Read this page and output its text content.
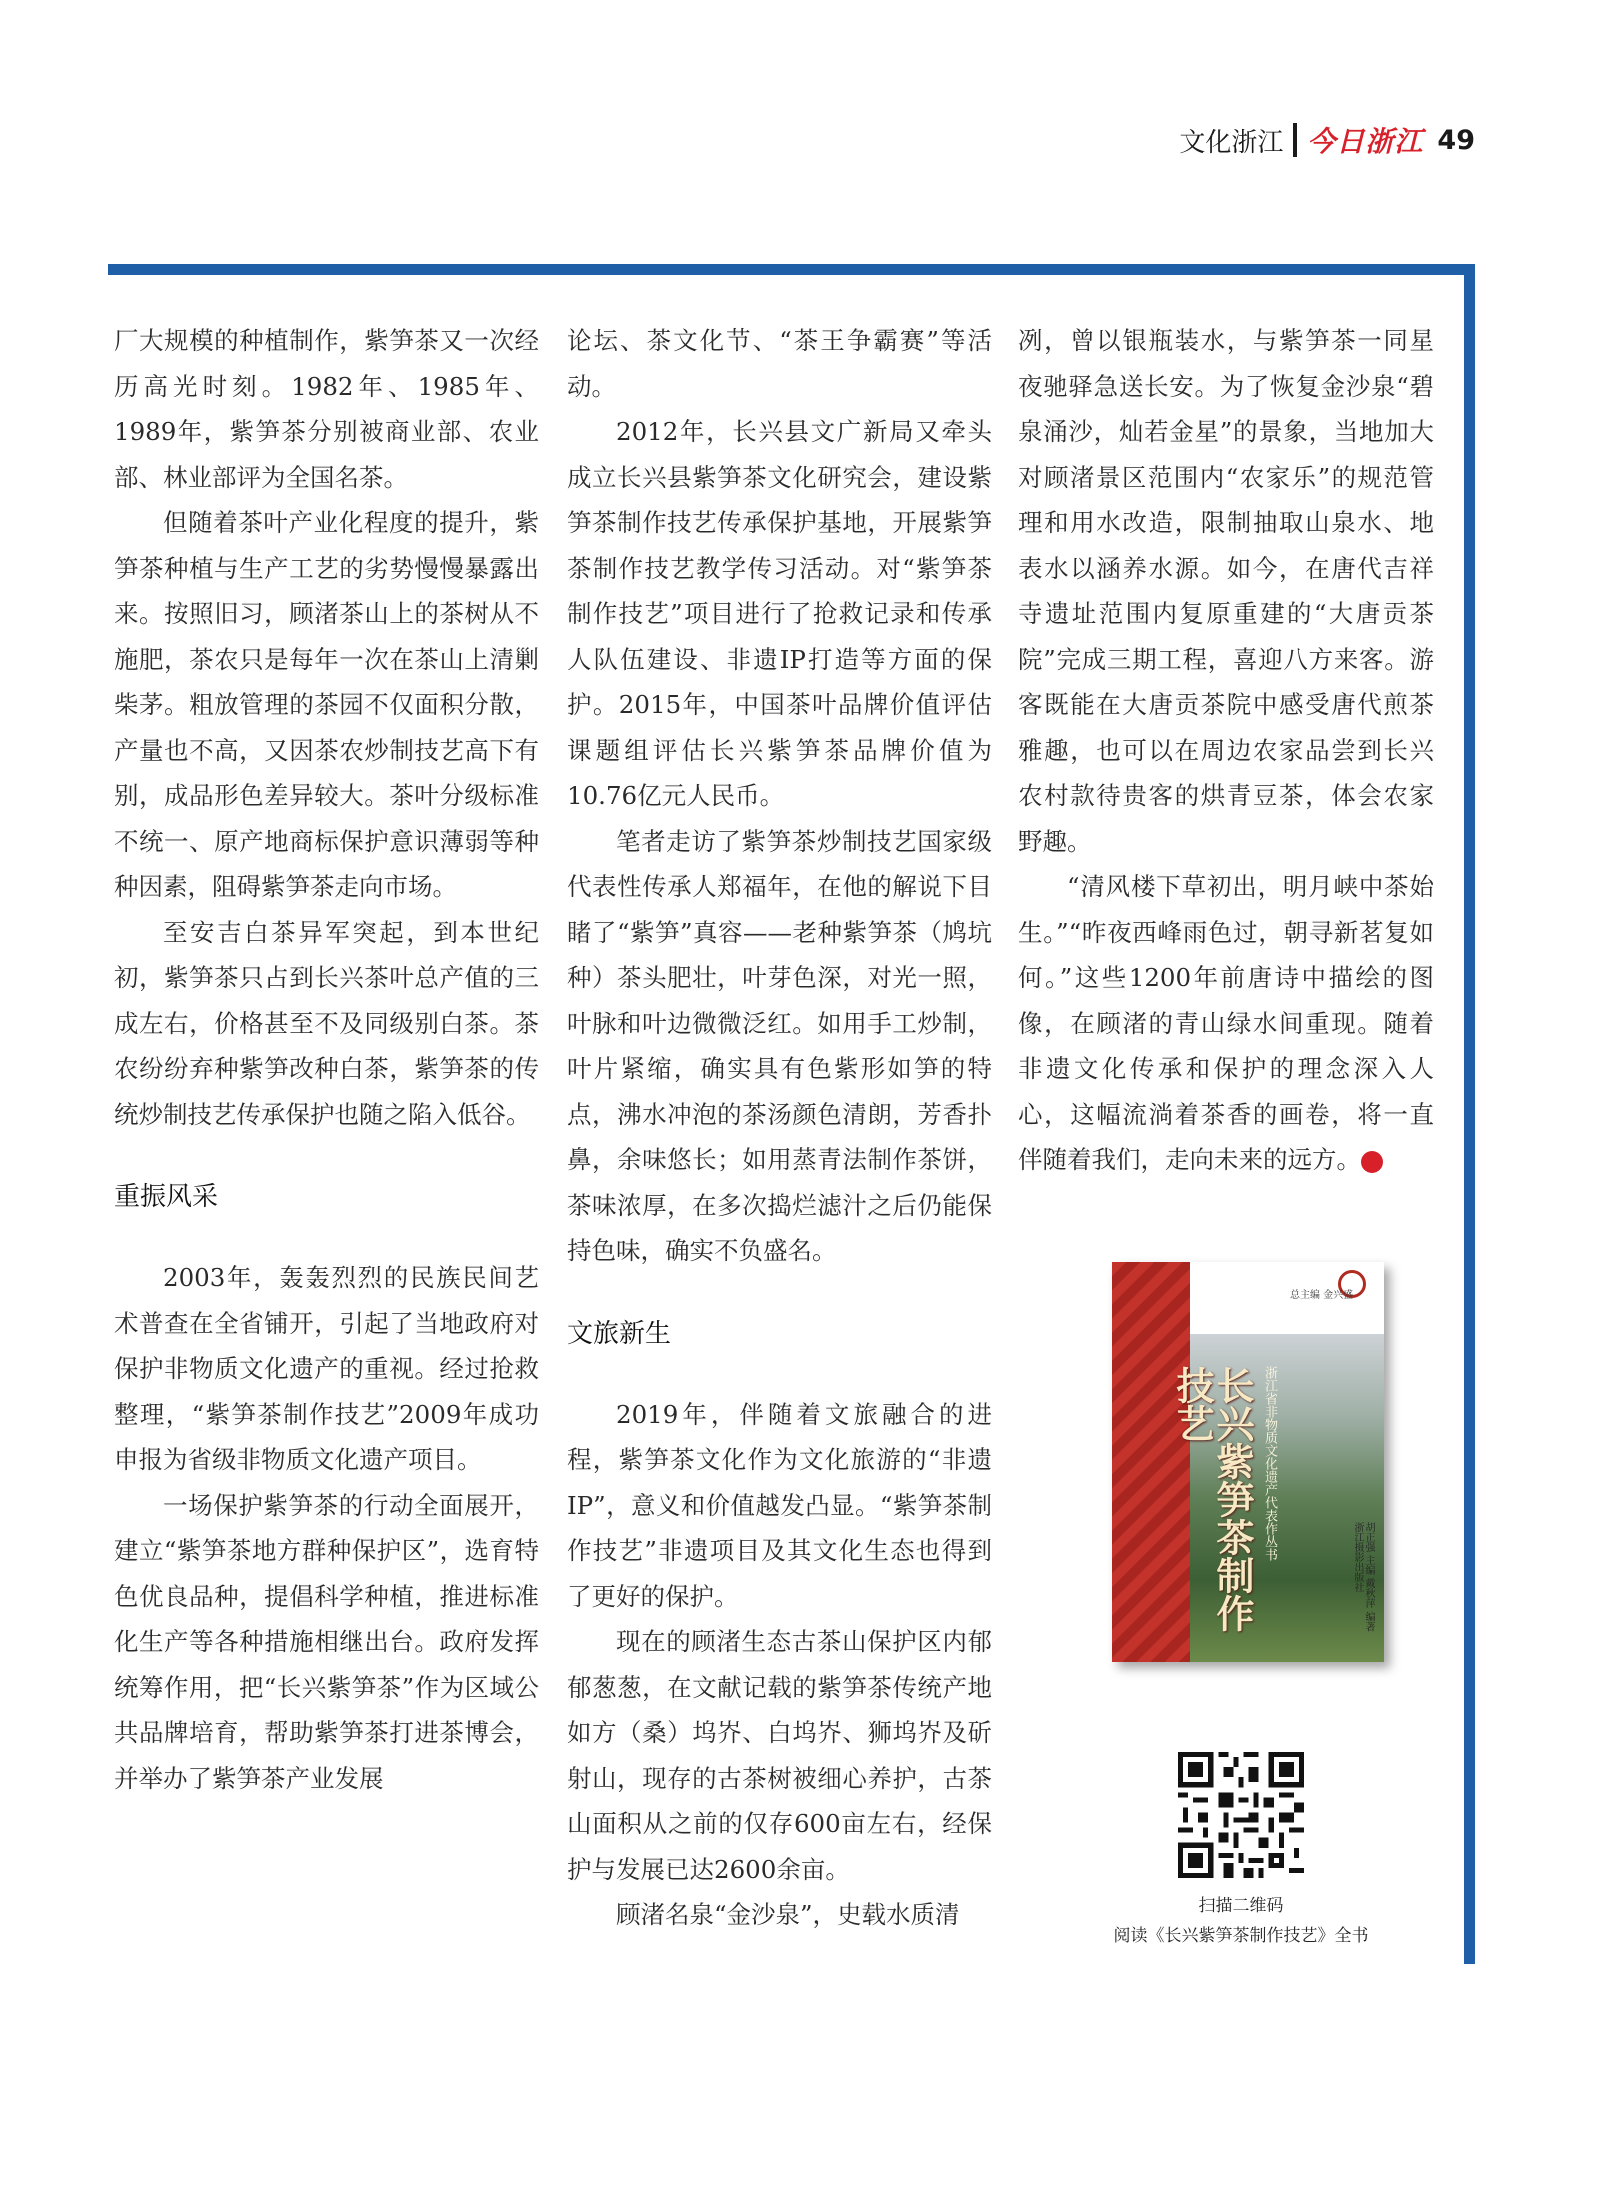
文化浙江 今日浙江 49

厂大规模的种植制作，紫笋茶又一次经历高光时刻。1982年、1985年、1989年，紫笋茶分别被商业部、农业部、林业部评为全国名茶。

但随着茶叶产业化程度的提升，紫笋茶种植与生产工艺的劣势慢慢暴露出来。按照旧习，顾渚茶山上的茶树从不施肥，茶农只是每年一次在茶山上清剿柴茅。粗放管理的茶园不仅面积分散，产量也不高，又因茶农炒制技艺高下有别，成品形色差异较大。茶叶分级标准不统一、原产地商标保护意识薄弱等种种因素，阻碍紫笋茶走向市场。

至安吉白茶异军突起，到本世纪初，紫笋茶只占到长兴茶叶总产值的三成左右，价格甚至不及同级别白茶。茶农纷纷弃种紫笋改种白茶，紫笋茶的传统炒制技艺传承保护也随之陷入低谷。

重振风采

2003年，轰轰烈烈的民族民间艺术普查在全省铺开，引起了当地政府对保护非物质文化遗产的重视。经过抢救整理，“紫笋茶制作技艺”2009年成功申报为省级非物质文化遗产项目。

一场保护紫笋茶的行动全面展开，建立“紫笋茶地方群种保护区”，选育特色优良品种，提倡科学种植，推进标准化生产等各种措施相继出台。政府发挥统筹作用，把“长兴紫笋茶”作为区域公共品牌培育，帮助紫笋茶打进茶博会，并举办了紫笋茶产业发展

论坛、茶文化节、“茶王争霸赛”等活动。

2012年，长兴县文广新局又牵头成立长兴县紫笋茶文化研究会，建设紫笋茶制作技艺传承保护基地，开展紫笋茶制作技艺教学传习活动。对“紫笋茶制作技艺”项目进行了抢救记录和传承人队伍建设、非遗IP打造等方面的保护。2015年，中国茶叶品牌价值评估课题组评估长兴紫笋茶品牌价值为10.76亿元人民币。

笔者走访了紫笋茶炒制技艺国家级代表性传承人郑福年，在他的解说下目睹了“紫笋”真容——老种紫笋茶（鸠坑种）茶头肥壮，叶芽色深，对光一照，叶脉和叶边微微泛红。如用手工炒制，叶片紧缩，确实具有色紫形如笋的特点，沸水冲泡的茶汤颜色清朗，芳香扑鼻，余味悠长；如用蒸青法制作茶饼，茶味浓厚，在多次捣烂滤汁之后仍能保持色味，确实不负盛名。

文旅新生

2019年，伴随着文旅融合的进程，紫笋茶文化作为文化旅游的“非遗IP”，意义和价值越发凸显。“紫笋茶制作技艺”非遗项目及其文化生态也得到了更好的保护。

现在的顾渚生态古茶山保护区内郁郁葱葱，在文献记载的紫笋茶传统产地如方（桑）坞岕、白坞岕、狮坞岕及斫射山，现存的古茶树被细心养护，古茶山面积从之前的仅存600亩左右，经保护与发展已达2600余亩。

顾渚名泉“金沙泉”，史载水质清

冽，曾以银瓶装水，与紫笋茶一同星夜驰驿急送长安。为了恢复金沙泉“碧泉涌沙，灿若金星”的景象，当地加大对顾渚景区范围内“农家乐”的规范管理和用水改造，限制抽取山泉水、地表水以涵养水源。如今，在唐代吉祥寺遗址范围内复原重建的“大唐贡茶院”完成三期工程，喜迎八方来客。游客既能在大唐贡茶院中感受唐代煎茶雅趣，也可以在周边农家品尝到长兴农村款待贵客的烘青豆茶，体会农家野趣。

“清风楼下草初出，明月峡中茶始生。”“昨夜西峰雨色过，朝寻新茗复如何。”这些1200年前唐诗中描绘的图像，在顾渚的青山绿水间重现。随着非遗文化传承和保护的理念深入人心，这幅流淌着茶香的画卷，将一直伴随着我们，走向未来的远方。	今

总主编 金兴盛
长兴紫笋茶制作技艺	浙江省非物质文化遗产代表作丛书
胡正强 主编 戴秋萍 编著
浙江摄影出版社
扫描二维码
阅读《长兴紫笋茶制作技艺》全书
